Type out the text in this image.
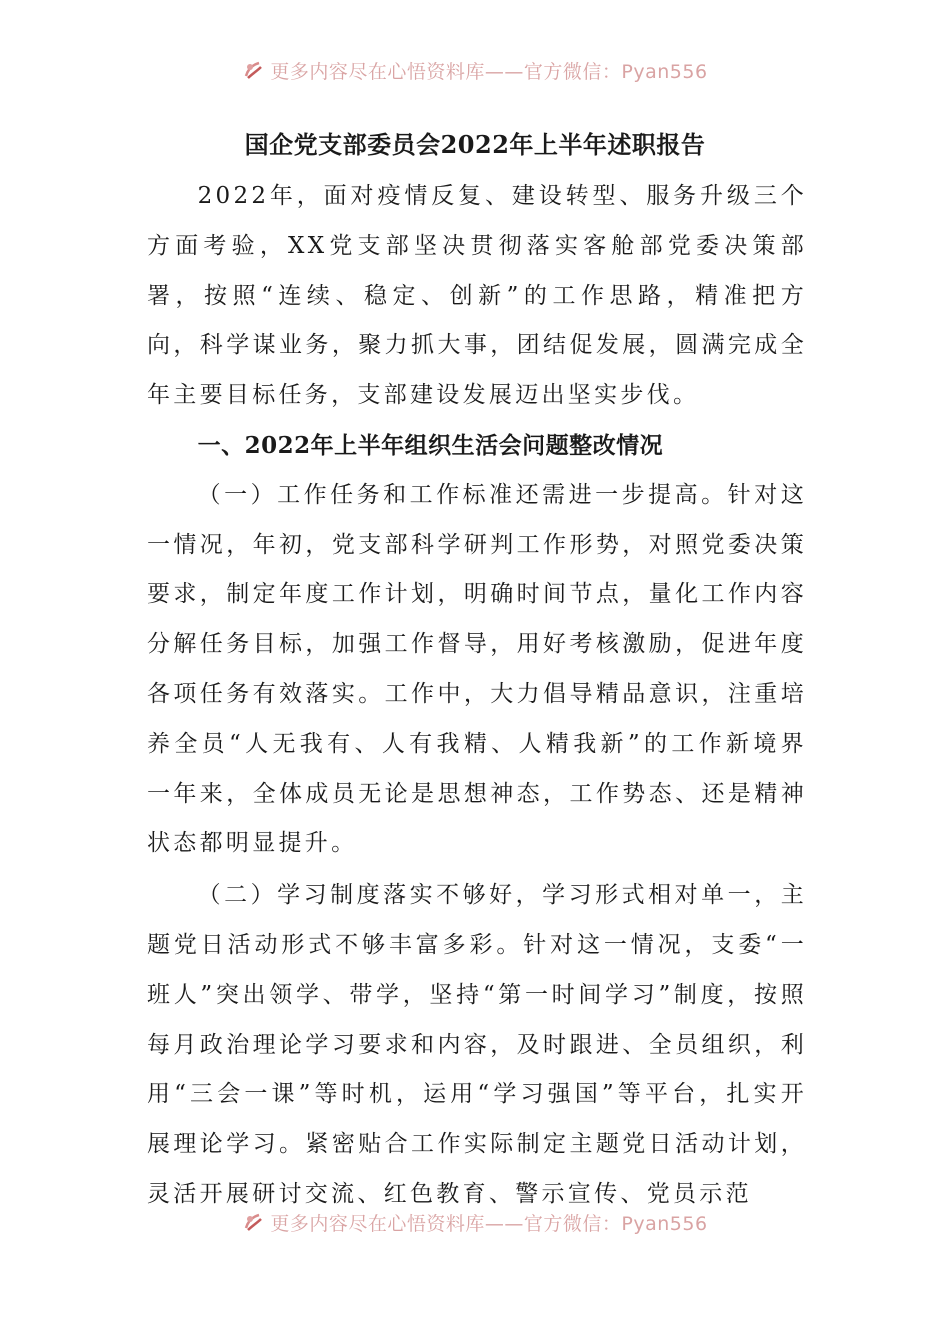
更多内容尽在心悟资料库——官方微信：Pyan556
国企党支部委员会2022年上半年述职报告

2022年，面对疫情反复、建设转型、服务升级三个方面考验，XX党支部坚决贯彻落实客舱部党委决策部署，按照“连续、稳定、创新”的工作思路，精准把方向，科学谋业务，聚力抓大事，团结促发展，圆满完成全年主要目标任务，支部建设发展迈出坚实步伐。

一、2022年上半年组织生活会问题整改情况

（一）工作任务和工作标准还需进一步提高。针对这一情况，年初，党支部科学研判工作形势，对照党委决策要求，制定年度工作计划，明确时间节点，量化工作内容分解任务目标，加强工作督导，用好考核激励，促进年度各项任务有效落实。工作中，大力倡导精品意识，注重培养全员“人无我有、人有我精、人精我新”的工作新境界一年来，全体成员无论是思想神态，工作势态、还是精神状态都明显提升。

（二）学习制度落实不够好，学习形式相对单一，主题党日活动形式不够丰富多彩。针对这一情况，支委“一班人”突出领学、带学，坚持“第一时间学习”制度，按照每月政治理论学习要求和内容，及时跟进、全员组织，利用“三会一课”等时机，运用“学习强国”等平台，扎实开展理论学习。紧密贴合工作实际制定主题党日活动计划，灵活开展研讨交流、红色教育、警示宣传、党员示范

更多内容尽在心悟资料库——官方微信：Pyan556
